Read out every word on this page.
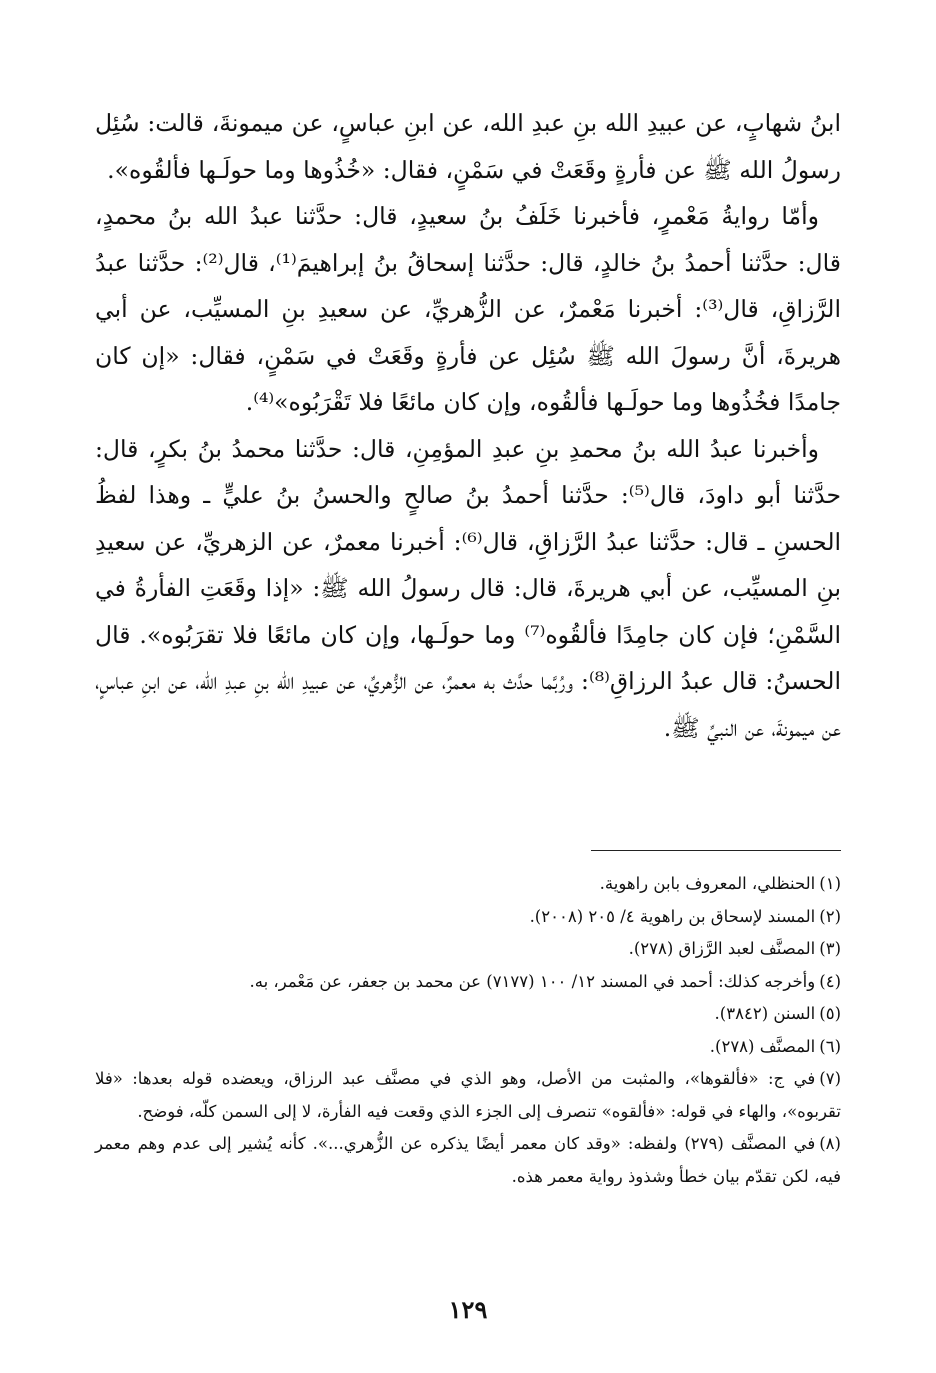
ابنُ شهابٍ، عن عبيدِ الله بنِ عبدِ الله، عن ابنِ عباسٍ، عن ميمونةَ، قالت: سُئِل رسولُ الله ﷺ عن فأرةٍ وقَعَتْ في سَمْنٍ، فقال: «خُذُوها وما حولَـها فألقُوه».

وأمّا روايةُ مَعْمرٍ، فأخبرنا خَلَفُ بنُ سعيدٍ، قال: حدَّثنا عبدُ الله بنُ محمدٍ، قال: حدَّثنا أحمدُ بنُ خالدٍ، قال: حدَّثنا إسحاقُ بنُ إبراهيمَ⁽¹⁾، قال⁽²⁾: حدَّثنا عبدُ الرَّزاقِ، قال⁽³⁾: أخبرنا مَعْمرٌ، عن الزُّهريِّ، عن سعيدِ بنِ المسيِّب، عن أبي هريرةَ، أنَّ رسولَ الله ﷺ سُئِل عن فأرةٍ وقَعَتْ في سَمْنٍ، فقال: «إن كان جامدًا فخُذُوها وما حولَـها فألقُوه، وإن كان مائعًا فلا تَقْرَبُوه»⁽⁴⁾.

وأخبرنا عبدُ الله بنُ محمدِ بنِ عبدِ المؤمِنِ، قال: حدَّثنا محمدُ بنُ بكرٍ، قال: حدَّثنا أبو داودَ، قال⁽⁵⁾: حدَّثنا أحمدُ بنُ صالحٍ والحسنُ بنُ عليٍّ ـ وهذا لفظُ الحسنِ ـ قال: حدَّثنا عبدُ الرَّزاقِ، قال⁽⁶⁾: أخبرنا معمرٌ، عن الزهريِّ، عن سعيدِ بنِ المسيِّب، عن أبي هريرةَ، قال: قال رسولُ الله ﷺ: «إذا وقَعَتِ الفأرةُ في السَّمْنِ؛ فإن كان جامِدًا فألقُوه⁽⁷⁾ وما حولَـها، وإن كان مائعًا فلا تقرَبُوه». قال الحسنُ: قال عبدُ الرزاقِ⁽⁸⁾: ورُبَّما حدَّث به معمرٌ، عن الزُّهريِّ، عن عبيدِ الله بنِ عبدِ الله، عن ابنِ عباسٍ، عن ميمونةَ، عن النبيِّ ﷺ.

(١)الحنظلي، المعروف بابن راهوية.

(٢)المسند لإسحاق بن راهوية ٤/ ٢٠٥ (٢٠٠٨).

(٣)المصنَّف لعبد الرَّزاق (٢٧٨).

(٤)وأخرجه كذلك: أحمد في المسند ١٢/ ١٠٠ (٧١٧٧) عن محمد بن جعفر، عن مَعْمر، به.

(٥)السنن (٣٨٤٢).

(٦)المصنَّف (٢٧٨).

(٧)في ج: «فألقوها»، والمثبت من الأصل، وهو الذي في مصنَّف عبد الرزاق، ويعضده قوله بعدها: «فلا تقربوه»، والهاء في قوله: «فألقوه» تنصرف إلى الجزء الذي وقعت فيه الفأرة، لا إلى السمن كلّه، فوضح.

(٨)في المصنَّف (٢٧٩) ولفظه: «وقد كان معمر أيضًا يذكره عن الزُّهري...». كأنه يُشير إلى عدم وهم معمر فيه، لكن تقدّم بيان خطأ وشذوذ رواية معمر هذه.

١٢٩
